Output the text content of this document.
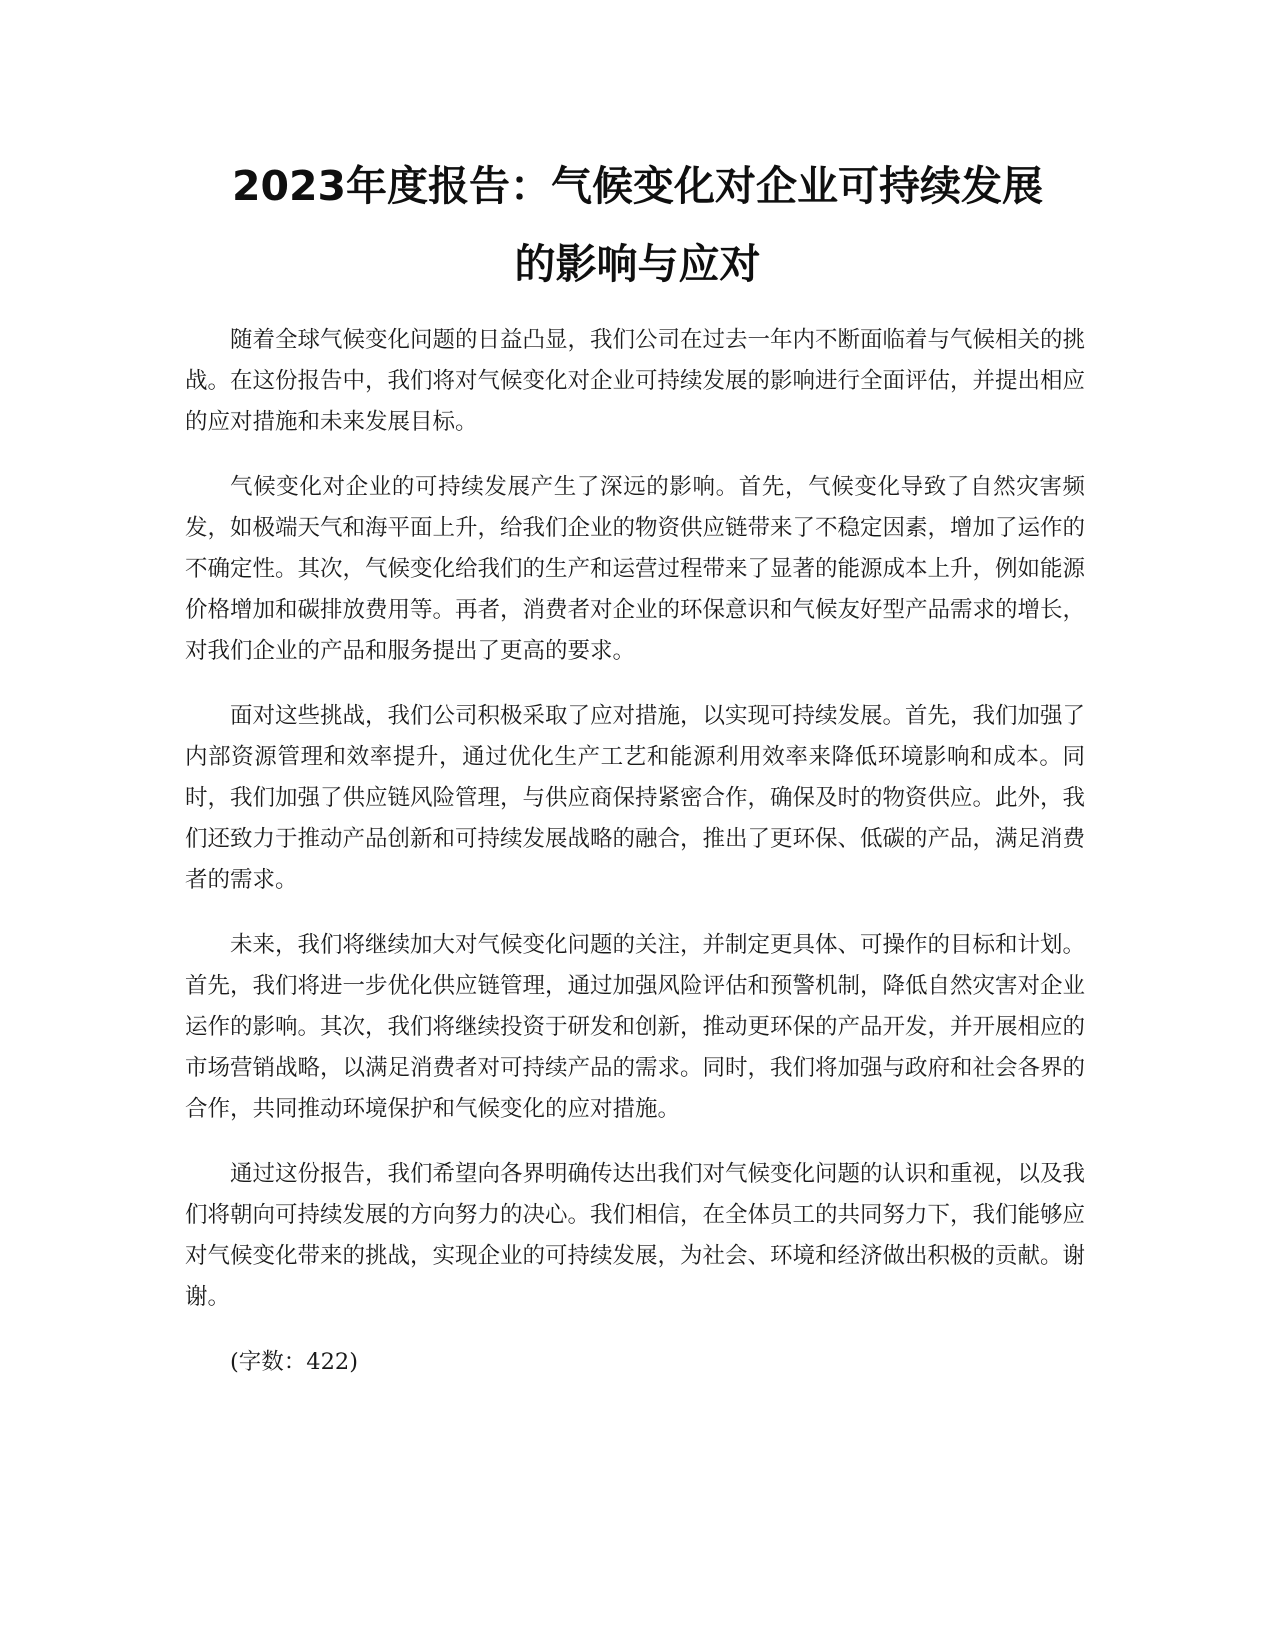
2023年度报告：气候变化对企业可持续发展
的影响与应对

随着全球气候变化问题的日益凸显，我们公司在过去一年内不断面临着与气候相关的挑战。在这份报告中，我们将对气候变化对企业可持续发展的影响进行全面评估，并提出相应的应对措施和未来发展目标。

气候变化对企业的可持续发展产生了深远的影响。首先，气候变化导致了自然灾害频发，如极端天气和海平面上升，给我们企业的物资供应链带来了不稳定因素，增加了运作的不确定性。其次，气候变化给我们的生产和运营过程带来了显著的能源成本上升，例如能源价格增加和碳排放费用等。再者，消费者对企业的环保意识和气候友好型产品需求的增长，对我们企业的产品和服务提出了更高的要求。

面对这些挑战，我们公司积极采取了应对措施，以实现可持续发展。首先，我们加强了内部资源管理和效率提升，通过优化生产工艺和能源利用效率来降低环境影响和成本。同时，我们加强了供应链风险管理，与供应商保持紧密合作，确保及时的物资供应。此外，我们还致力于推动产品创新和可持续发展战略的融合，推出了更环保、低碳的产品，满足消费者的需求。

未来，我们将继续加大对气候变化问题的关注，并制定更具体、可操作的目标和计划。首先，我们将进一步优化供应链管理，通过加强风险评估和预警机制，降低自然灾害对企业运作的影响。其次，我们将继续投资于研发和创新，推动更环保的产品开发，并开展相应的市场营销战略，以满足消费者对可持续产品的需求。同时，我们将加强与政府和社会各界的合作，共同推动环境保护和气候变化的应对措施。

通过这份报告，我们希望向各界明确传达出我们对气候变化问题的认识和重视，以及我们将朝向可持续发展的方向努力的决心。我们相信，在全体员工的共同努力下，我们能够应对气候变化带来的挑战，实现企业的可持续发展，为社会、环境和经济做出积极的贡献。谢谢。

(字数：422)
